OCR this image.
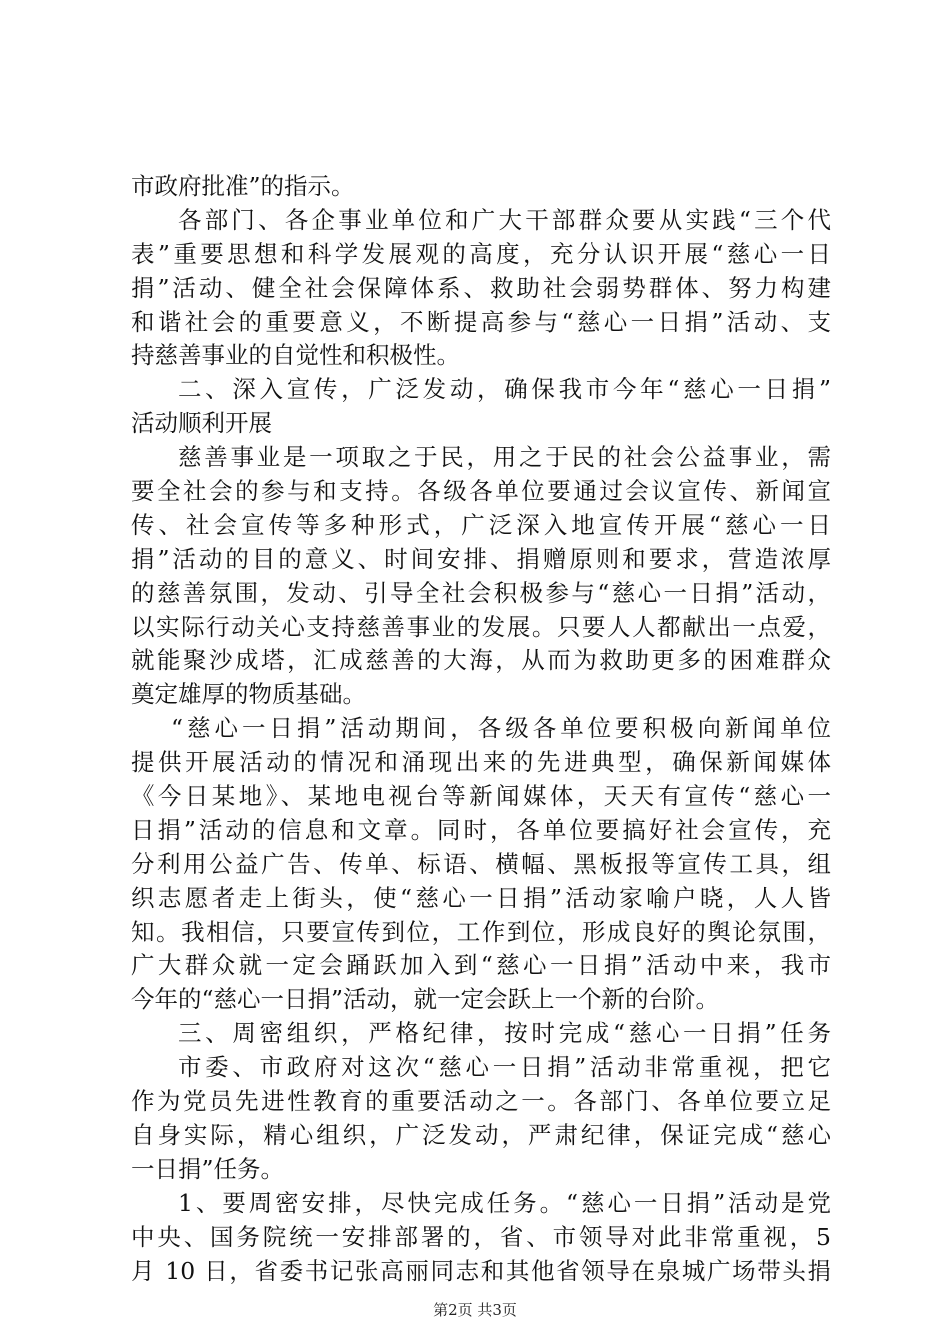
市政府批准”的指示。
各部门、各企事业单位和广大干部群众要从实践“三个代
表”重要思想和科学发展观的高度，充分认识开展“慈心一日
捐”活动、健全社会保障体系、救助社会弱势群体、努力构建
和谐社会的重要意义，不断提高参与“慈心一日捐”活动、支
持慈善事业的自觉性和积极性。
二、深入宣传，广泛发动，确保我市今年“慈心一日捐”
活动顺利开展
慈善事业是一项取之于民，用之于民的社会公益事业，需
要全社会的参与和支持。各级各单位要通过会议宣传、新闻宣
传、社会宣传等多种形式，广泛深入地宣传开展“慈心一日
捐”活动的目的意义、时间安排、捐赠原则和要求，营造浓厚
的慈善氛围，发动、引导全社会积极参与“慈心一日捐”活动，
以实际行动关心支持慈善事业的发展。只要人人都献出一点爱，
就能聚沙成塔，汇成慈善的大海，从而为救助更多的困难群众
奠定雄厚的物质基础。
“慈心一日捐”活动期间，各级各单位要积极向新闻单位
提供开展活动的情况和涌现出来的先进典型，确保新闻媒体
《今日某地》、某地电视台等新闻媒体，天天有宣传“慈心一
日捐”活动的信息和文章。同时，各单位要搞好社会宣传，充
分利用公益广告、传单、标语、横幅、黑板报等宣传工具，组
织志愿者走上街头，使“慈心一日捐”活动家喻户晓，人人皆
知。我相信，只要宣传到位，工作到位，形成良好的舆论氛围，
广大群众就一定会踊跃加入到“慈心一日捐”活动中来，我市
今年的“慈心一日捐”活动，就一定会跃上一个新的台阶。
三、周密组织，严格纪律，按时完成“慈心一日捐”任务
市委、市政府对这次“慈心一日捐”活动非常重视，把它
作为党员先进性教育的重要活动之一。各部门、各单位要立足
自身实际，精心组织，广泛发动，严肃纪律，保证完成“慈心
一日捐”任务。
1、要周密安排，尽快完成任务。“慈心一日捐”活动是党
中央、国务院统一安排部署的，省、市领导对此非常重视，5
月 10 日，省委书记张高丽同志和其他省领导在泉城广场带头捐
第2页 共3页
